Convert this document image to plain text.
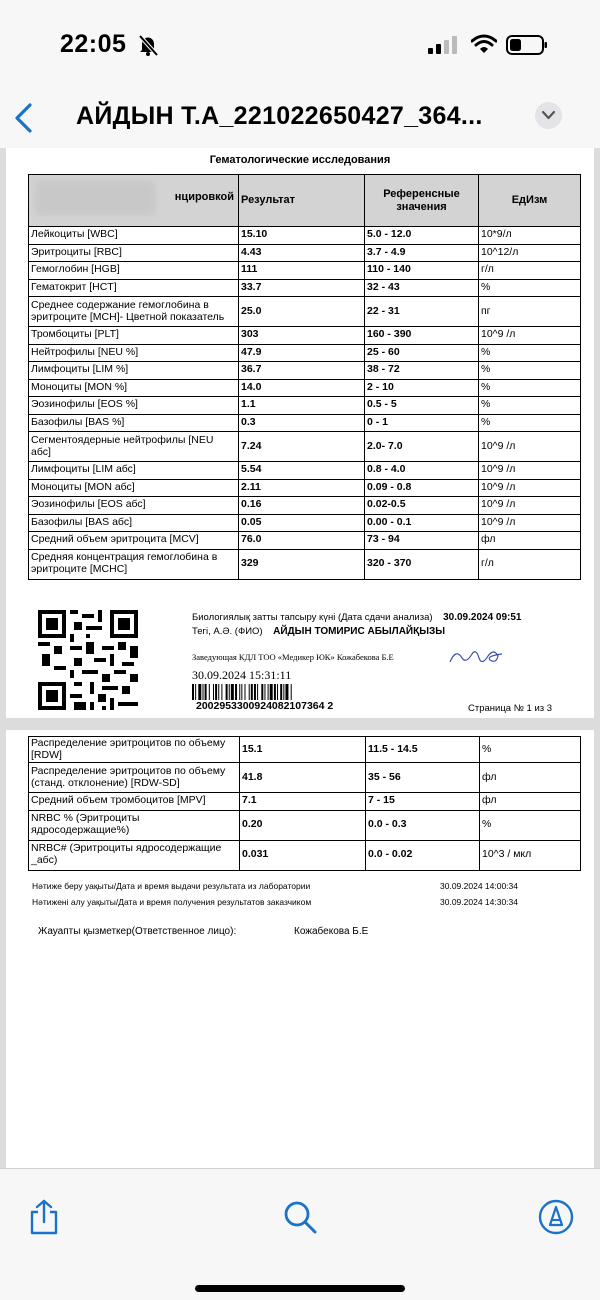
22:05
АЙДЫН Т.А_221022650427_364...
Гематологические исследования
нцировкой	Результат	Референсные значения	ЕдИзм
Лейкоциты [WBC]	15.10	5.0 - 12.0	10*9/л
Эритроциты [RBC]	4.43	3.7 - 4.9	10^12/л
Гемоглобин [HGB]	111	110 - 140	г/л
Гематокрит [HCT]	33.7	32 - 43	%
Среднее содержание гемоглобина в эритроците [MCH]- Цветной показатель	25.0	22 - 31	пг
Тромбоциты [PLT]	303	160 - 390	10^9 /л
Нейтрофилы [NEU %]	47.9	25 - 60	%
Лимфоциты [LIM %]	36.7	38 - 72	%
Моноциты [MON %]	14.0	2 - 10	%
Эозинофилы [EOS %]	1.1	0.5 - 5	%
Базофилы [BAS %]	0.3	0 - 1	%
Сегментоядерные нейтрофилы [NEU абс]	7.24	2.0- 7.0	10^9 /л
Лимфоциты [LIM абс]	5.54	0.8 - 4.0	10^9 /л
Моноциты [MON абс]	2.11	0.09 - 0.8	10^9 /л
Эозинофилы [EOS абс]	0.16	0.02-0.5	10^9 /л
Базофилы [BAS абс]	0.05	0.00 - 0.1	10^9 /л
Средний объем эритроцита [MCV]	76.0	73 - 94	фл
Средняя концентрация гемоглобина в эритроците [MCHC]	329	320 - 370	г/л
Биологиялық затты тапсыру күні (Дата сдачи анализа) 30.09.2024 09:51
Тегі, А.Ә. (ФИО) АЙДЫН ТОМИРИС АБЫЛАЙҚЫЗЫ
Заведующая КДЛ ТОО «Медикер ЮК» Кожабекова Б.Е
30.09.2024 15:31:11
2002953300924082107364 2	Страница № 1 из 3
Распределение эритроцитов по объему [RDW]	15.1	11.5 - 14.5	%
Распределение эритроцитов по объему (станд. отклонение) [RDW-SD]	41.8	35 - 56	фл
Средний объем тромбоцитов [MPV]	7.1	7 - 15	фл
NRBC % (Эритроциты ядросодержащие%)	0.20	0.0 - 0.3	%
NRBC# (Эритроциты ядросодержащие _абс)	0.031	0.0 - 0.02	10^3 / мкл
Нәтиже беру уақыты/Дата и время выдачи результата из лаборатории	30.09.2024 14:00:34
Нәтижені алу уақыты/Дата и время получения результатов заказчиком	30.09.2024 14:30:34
Жауапты қызметкер(Ответственное лицо):	Кожабекова Б.Е
